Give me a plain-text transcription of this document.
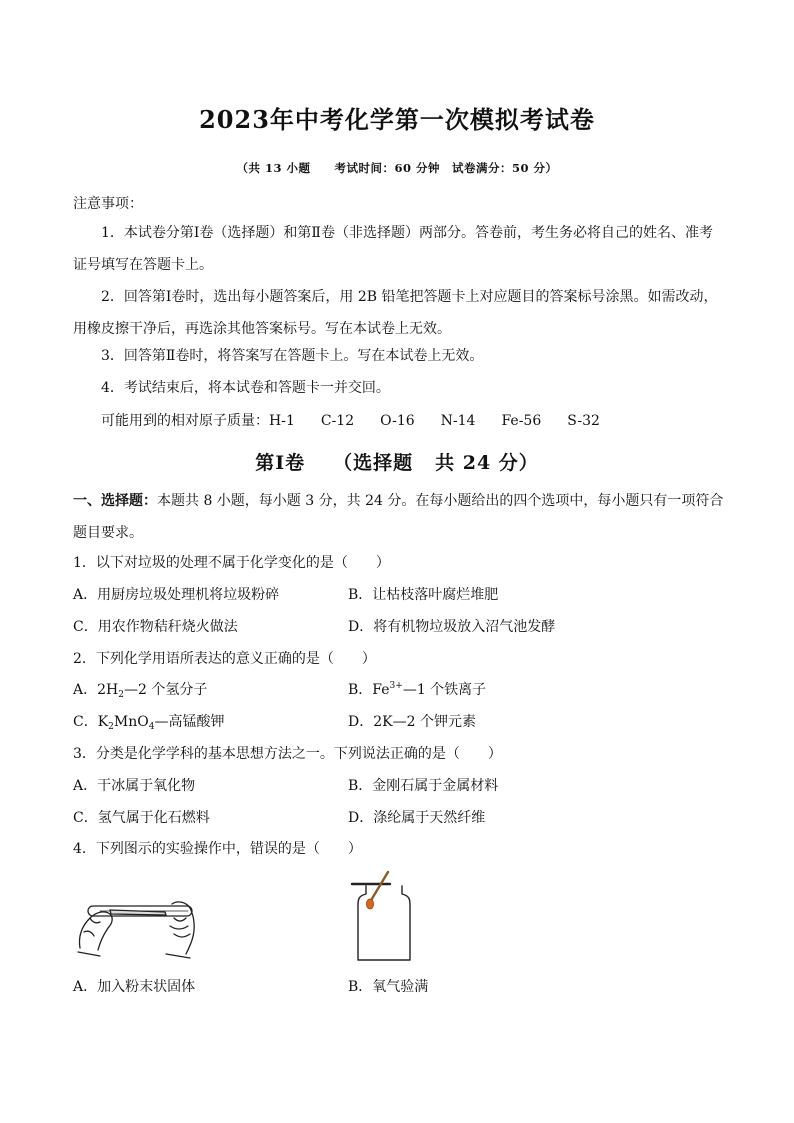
2023年中考化学第一次模拟考试卷
（共 13 小题　　考试时间：60 分钟　试卷满分：50 分）
注意事项：
1．本试卷分第Ⅰ卷（选择题）和第Ⅱ卷（非选择题）两部分。答卷前，考生务必将自己的姓名、准考证号填写在答题卡上。
2．回答第Ⅰ卷时，选出每小题答案后，用 2B 铅笔把答题卡上对应题目的答案标号涂黑。如需改动，用橡皮擦干净后，再选涂其他答案标号。写在本试卷上无效。
3．回答第Ⅱ卷时，将答案写在答题卡上。写在本试卷上无效。
4．考试结束后，将本试卷和答题卡一并交回。
可能用到的相对原子质量：H-1 C-12 O-16 N-14 Fe-56 S-32
第Ⅰ卷 （选择题 共 24 分）
一、选择题：本题共 8 小题，每小题 3 分，共 24 分。在每小题给出的四个选项中，每小题只有一项符合题目要求。
1．以下对垃圾的处理不属于化学变化的是（　　）
A．用厨房垃圾处理机将垃圾粉碎	B．让枯枝落叶腐烂堆肥
C．用农作物秸秆烧火做法	D．将有机物垃圾放入沼气池发酵
2．下列化学用语所表达的意义正确的是（　　）
A．$2H_2—2$ 个氢分子	B．$Fe^{3+}—1$ 个铁离子
C．$K_2MnO_4—$高锰酸钾	D．2K—2 个钾元素
3．分类是化学学科的基本思想方法之一。下列说法正确的是（　　）
A．干冰属于氧化物	B．金刚石属于金属材料
C．氢气属于化石燃料	D．涤纶属于天然纤维
4．下列图示的实验操作中，错误的是（　　）
A．加入粉末状固体	B．氧气验满
